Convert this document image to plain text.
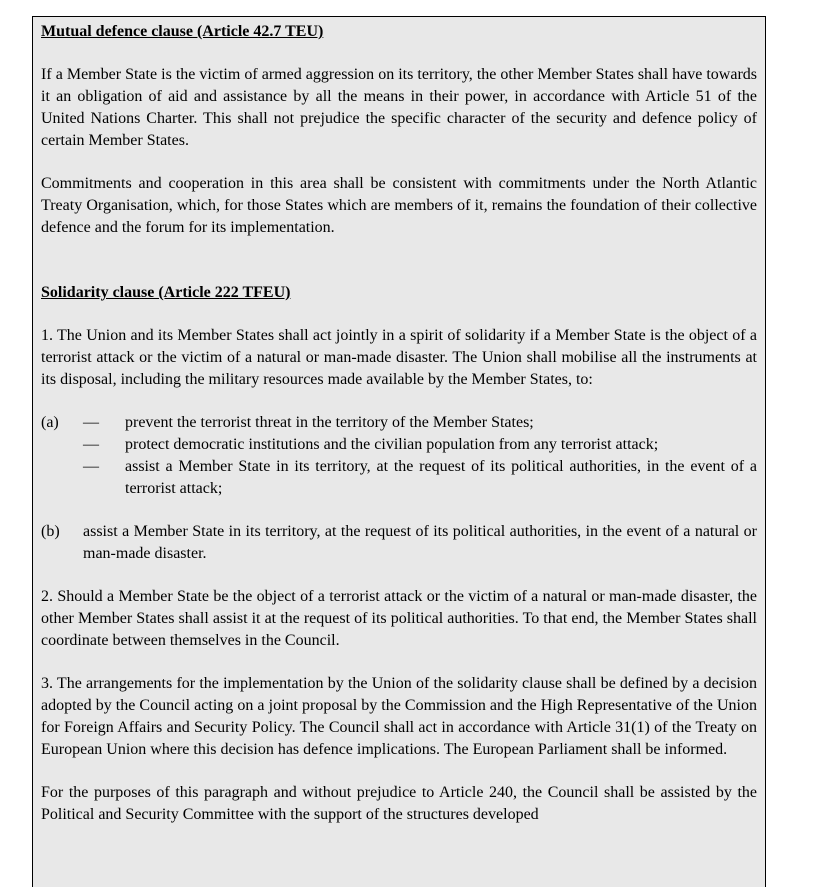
Mutual defence clause (Article 42.7 TEU)

If a Member State is the victim of armed aggression on its territory, the other Member States shall have towards it an obligation of aid and assistance by all the means in their power, in accordance with Article 51 of the United Nations Charter. This shall not prejudice the specific character of the security and defence policy of certain Member States.

Commitments and cooperation in this area shall be consistent with commitments under the North Atlantic Treaty Organisation, which, for those States which are members of it, remains the foundation of their collective defence and the forum for its implementation.

Solidarity clause (Article 222 TFEU)

1. The Union and its Member States shall act jointly in a spirit of solidarity if a Member State is the object of a terrorist attack or the victim of a natural or man-made disaster. The Union shall mobilise all the instruments at its disposal, including the military resources made available by the Member States, to:

(a)	—	prevent the terrorist threat in the territory of the Member States;
—	protect democratic institutions and the civilian population from any terrorist attack;
—	assist a Member State in its territory, at the request of its political authorities, in the event of a terrorist attack;
(b)	assist a Member State in its territory, at the request of its political authorities, in the event of a natural or man-made disaster.

2. Should a Member State be the object of a terrorist attack or the victim of a natural or man-made disaster, the other Member States shall assist it at the request of its political authorities. To that end, the Member States shall coordinate between themselves in the Council.

3. The arrangements for the implementation by the Union of the solidarity clause shall be defined by a decision adopted by the Council acting on a joint proposal by the Commission and the High Representative of the Union for Foreign Affairs and Security Policy. The Council shall act in accordance with Article 31(1) of the Treaty on European Union where this decision has defence implications. The European Parliament shall be informed.

For the purposes of this paragraph and without prejudice to Article 240, the Council shall be assisted by the Political and Security Committee with the support of the structures developed
